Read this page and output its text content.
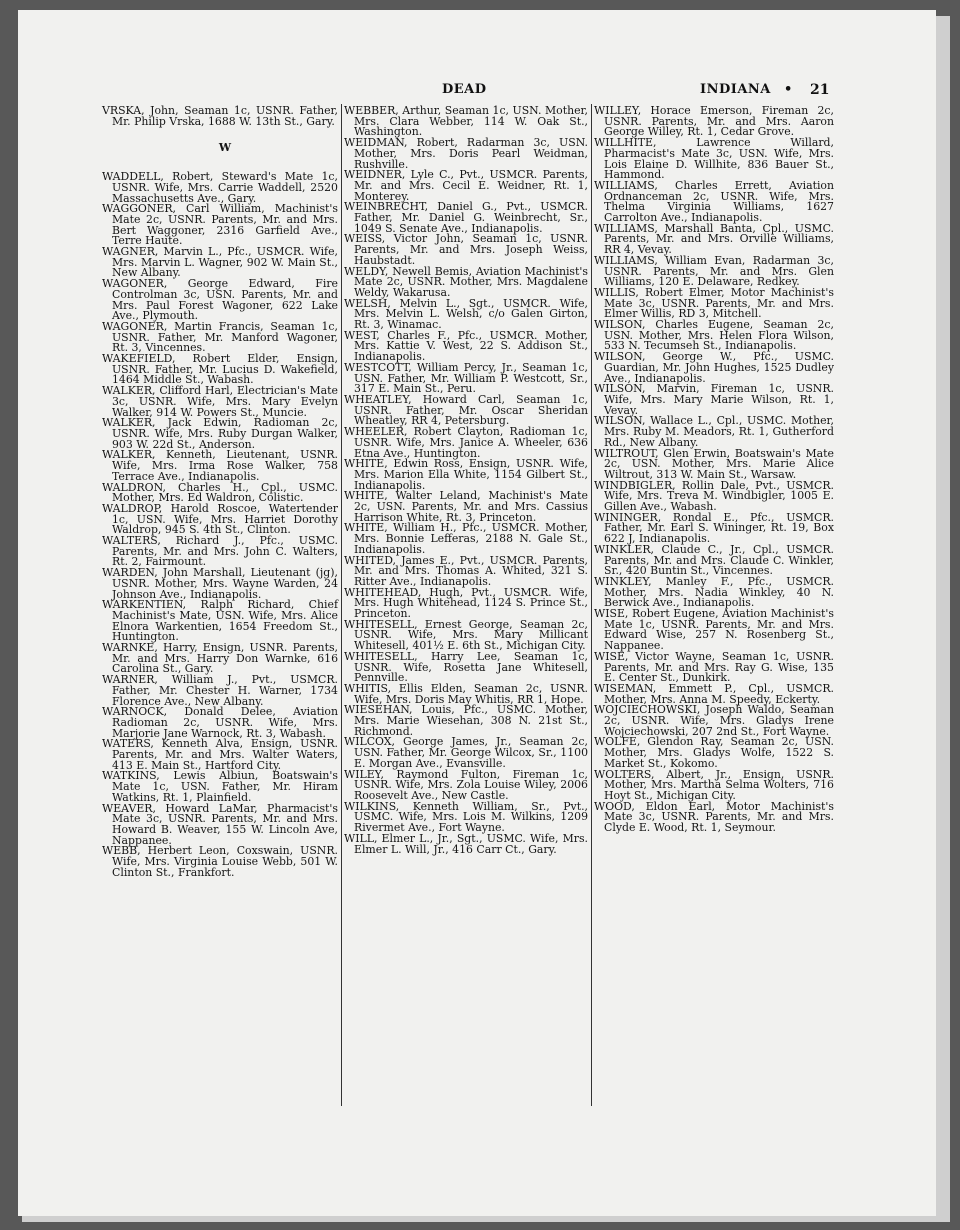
DEAD	INDIANA • 21

VRSKA, John, Seaman 1c, USNR. Father, Mr. Philip Vrska, 1688 W. 13th St., Gary.

W

WADDELL, Robert, Steward's Mate 1c, USNR. Wife, Mrs. Carrie Waddell, 2520 Massachusetts Ave., Gary.

WAGGONER, Carl William, Machinist's Mate 2c, USNR. Parents, Mr. and Mrs. Bert Waggoner, 2316 Garfield Ave., Terre Haute.

WAGNER, Marvin L., Pfc., USMCR. Wife, Mrs. Marvin L. Wagner, 902 W. Main St., New Albany.

WAGONER, George Edward, Fire Controlman 3c, USN. Parents, Mr. and Mrs. Paul Forest Wagoner, 622 Lake Ave., Plymouth.

WAGONER, Martin Francis, Seaman 1c, USNR. Father, Mr. Manford Wagoner, Rt. 3, Vincennes.

WAKEFIELD, Robert Elder, Ensign, USNR. Father, Mr. Lucius D. Wakefield, 1464 Middle St., Wabash.

WALKER, Clifford Harl, Electrician's Mate 3c, USNR. Wife, Mrs. Mary Evelyn Walker, 914 W. Powers St., Muncie.

WALKER, Jack Edwin, Radioman 2c, USNR. Wife, Mrs. Ruby Durgan Walker, 903 W. 22d St., Anderson.

WALKER, Kenneth, Lieutenant, USNR. Wife, Mrs. Irma Rose Walker, 758 Terrace Ave., Indianapolis.

WALDRON, Charles H., Cpl., USMC. Mother, Mrs. Ed Waldron, Colistic.

WALDROP, Harold Roscoe, Watertender 1c, USN. Wife, Mrs. Harriet Dorothy Waldrop, 945 S. 4th St., Clinton.

WALTERS, Richard J., Pfc., USMC. Parents, Mr. and Mrs. John C. Walters, Rt. 2, Fairmount.

WARDEN, John Marshall, Lieutenant (jg), USNR. Mother, Mrs. Wayne Warden, 24 Johnson Ave., Indianapolis.

WARKENTIEN, Ralph Richard, Chief Machinist's Mate, USN. Wife, Mrs. Alice Elnora Warkentien, 1654 Freedom St., Huntington.

WARNKE, Harry, Ensign, USNR. Parents, Mr. and Mrs. Harry Don Warnke, 616 Carolina St., Gary.

WARNER, William J., Pvt., USMCR. Father, Mr. Chester H. Warner, 1734 Florence Ave., New Albany.

WARNOCK, Donald Delee, Aviation Radioman 2c, USNR. Wife, Mrs. Marjorie Jane Warnock, Rt. 3, Wabash.

WATERS, Kenneth Alva, Ensign, USNR. Parents, Mr. and Mrs. Walter Waters, 413 E. Main St., Hartford City.

WATKINS, Lewis Albiun, Boatswain's Mate 1c, USN. Father, Mr. Hiram Watkins, Rt. 1, Plainfield.

WEAVER, Howard LaMar, Pharmacist's Mate 3c, USNR. Parents, Mr. and Mrs. Howard B. Weaver, 155 W. Lincoln Ave, Nappanee.

WEBB, Herbert Leon, Coxswain, USNR. Wife, Mrs. Virginia Louise Webb, 501 W. Clinton St., Frankfort.

WEBBER, Arthur, Seaman 1c, USN. Mother, Mrs. Clara Webber, 114 W. Oak St., Washington.

WEIDMAN, Robert, Radarman 3c, USN. Mother, Mrs. Doris Pearl Weidman, Rushville.

WEIDNER, Lyle C., Pvt., USMCR. Parents, Mr. and Mrs. Cecil E. Weidner, Rt. 1, Monterey.

WEINBRECHT, Daniel G., Pvt., USMCR. Father, Mr. Daniel G. Weinbrecht, Sr., 1049 S. Senate Ave., Indianapolis.

WEISS, Victor John, Seaman 1c, USNR. Parents, Mr. and Mrs. Joseph Weiss, Haubstadt.

WELDY, Newell Bemis, Aviation Machinist's Mate 2c, USNR. Mother, Mrs. Magdalene Weldy, Wakarusa.

WELSH, Melvin L., Sgt., USMCR. Wife, Mrs. Melvin L. Welsh, c/o Galen Girton, Rt. 3, Winamac.

WEST, Charles F., Pfc., USMCR. Mother, Mrs. Kattie V. West, 22 S. Addison St., Indianapolis.

WESTCOTT, William Percy, Jr., Seaman 1c, USN. Father, Mr. William P. Westcott, Sr., 317 E. Main St., Peru.

WHEATLEY, Howard Carl, Seaman 1c, USNR. Father, Mr. Oscar Sheridan Wheatley, RR 4, Petersburg.

WHEELER, Robert Clayton, Radioman 1c, USNR. Wife, Mrs. Janice A. Wheeler, 636 Etna Ave., Huntington.

WHITE, Edwin Ross, Ensign, USNR. Wife, Mrs. Marion Ella White, 1154 Gilbert St., Indianapolis.

WHITE, Walter Leland, Machinist's Mate 2c, USN. Parents, Mr. and Mrs. Cassius Harrison White, Rt. 3, Princeton.

WHITE, William H., Pfc., USMCR. Mother, Mrs. Bonnie Lefferas, 2188 N. Gale St., Indianapolis.

WHITED, James E., Pvt., USMCR. Parents, Mr. and Mrs. Thomas A. Whited, 321 S. Ritter Ave., Indianapolis.

WHITEHEAD, Hugh, Pvt., USMCR. Wife, Mrs. Hugh Whitehead, 1124 S. Prince St., Princeton.

WHITESELL, Ernest George, Seaman 2c, USNR. Wife, Mrs. Mary Millicant Whitesell, 401½ E. 6th St., Michigan City.

WHITESELL, Harry Lee, Seaman 1c, USNR. Wife, Rosetta Jane Whitesell, Pennville.

WHITIS, Ellis Elden, Seaman 2c, USNR. Wife, Mrs. Doris May Whitis, RR 1, Hope.

WIESEHAN, Louis, Pfc., USMC. Mother, Mrs. Marie Wiesehan, 308 N. 21st St., Richmond.

WILCOX, George James, Jr., Seaman 2c, USN. Father, Mr. George Wilcox, Sr., 1100 E. Morgan Ave., Evansville.

WILEY, Raymond Fulton, Fireman 1c, USNR. Wife, Mrs. Zola Louise Wiley, 2006 Roosevelt Ave., New Castle.

WILKINS, Kenneth William, Sr., Pvt., USMC. Wife, Mrs. Lois M. Wilkins, 1209 Rivermet Ave., Fort Wayne.

WILL, Elmer L., Jr., Sgt., USMC. Wife, Mrs. Elmer L. Will, Jr., 416 Carr Ct., Gary.

WILLEY, Horace Emerson, Fireman 2c, USNR. Parents, Mr. and Mrs. Aaron George Willey, Rt. 1, Cedar Grove.

WILLHITE, Lawrence Willard, Pharmacist's Mate 3c, USN. Wife, Mrs. Lois Elaine D. Willhite, 836 Bauer St., Hammond.

WILLIAMS, Charles Errett, Aviation Ordnanceman 2c, USNR. Wife, Mrs. Thelma Virginia Williams, 1627 Carrolton Ave., Indianapolis.

WILLIAMS, Marshall Banta, Cpl., USMC. Parents, Mr. and Mrs. Orville Williams, RR 4, Vevay.

WILLIAMS, William Evan, Radarman 3c, USNR. Parents, Mr. and Mrs. Glen Williams, 120 E. Delaware, Redkey.

WILLIS, Robert Elmer, Motor Machinist's Mate 3c, USNR. Parents, Mr. and Mrs. Elmer Willis, RD 3, Mitchell.

WILSON, Charles Eugene, Seaman 2c, USN. Mother, Mrs. Helen Flora Wilson, 533 N. Tecumseh St., Indianapolis.

WILSON, George W., Pfc., USMC. Guardian, Mr. John Hughes, 1525 Dudley Ave., Indianapolis.

WILSON, Marvin, Fireman 1c, USNR. Wife, Mrs. Mary Marie Wilson, Rt. 1, Vevay.

WILSON, Wallace L., Cpl., USMC. Mother, Mrs. Ruby M. Meadors, Rt. 1, Gutherford Rd., New Albany.

WILTROUT, Glen Erwin, Boatswain's Mate 2c, USN. Mother, Mrs. Marie Alice Wiltrout, 313 W. Main St., Warsaw.

WINDBIGLER, Rollin Dale, Pvt., USMCR. Wife, Mrs. Treva M. Windbigler, 1005 E. Gillen Ave., Wabash.

WININGER, Rondal E., Pfc., USMCR. Father, Mr. Earl S. Wininger, Rt. 19, Box 622 J, Indianapolis.

WINKLER, Claude C., Jr., Cpl., USMCR. Parents, Mr. and Mrs. Claude C. Winkler, Sr., 420 Buntin St., Vincennes.

WINKLEY, Manley F., Pfc., USMCR. Mother, Mrs. Nadia Winkley, 40 N. Berwick Ave., Indianapolis.

WISE, Robert Eugene, Aviation Machinist's Mate 1c, USNR. Parents, Mr. and Mrs. Edward Wise, 257 N. Rosenberg St., Nappanee.

WISE, Victor Wayne, Seaman 1c, USNR. Parents, Mr. and Mrs. Ray G. Wise, 135 E. Center St., Dunkirk.

WISEMAN, Emmett P., Cpl., USMCR. Mother, Mrs. Anna M. Speedy, Eckerty.

WOJCIECHOWSKI, Joseph Waldo, Seaman 2c, USNR. Wife, Mrs. Gladys Irene Wojciechowski, 207 2nd St., Fort Wayne.

WOLFE, Glendon Ray, Seaman 2c, USN. Mother, Mrs. Gladys Wolfe, 1522 S. Market St., Kokomo.

WOLTERS, Albert, Jr., Ensign, USNR. Mother, Mrs. Martha Selma Wolters, 716 Hoyt St., Michigan City.

WOOD, Eldon Earl, Motor Machinist's Mate 3c, USNR. Parents, Mr. and Mrs. Clyde E. Wood, Rt. 1, Seymour.
